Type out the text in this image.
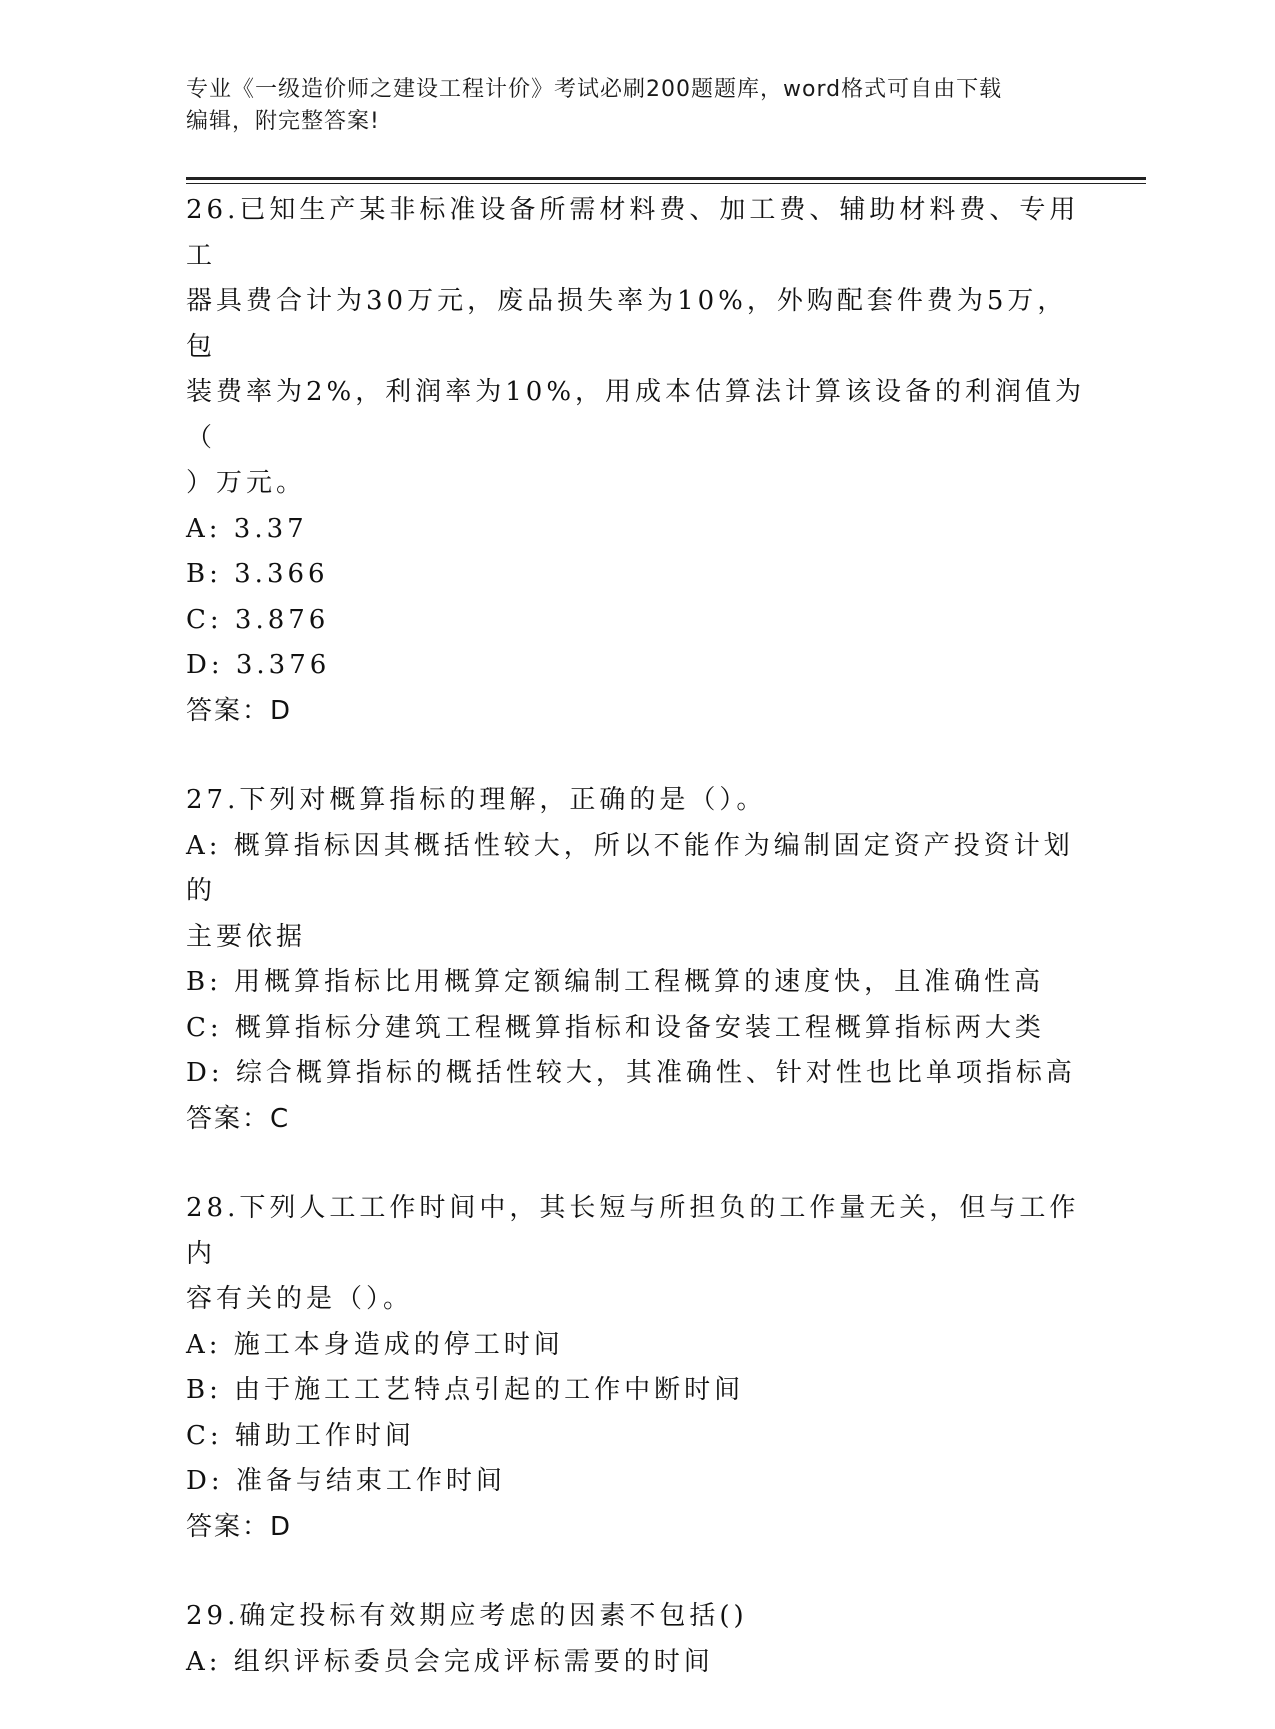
专业《一级造价师之建设工程计价》考试必刷200题题库，word格式可自由下载
编辑，附完整答案!
26.已知生产某非标准设备所需材料费、加工费、辅助材料费、专用工
器具费合计为30万元，废品损失率为10%，外购配套件费为5万，包
装费率为2%，利润率为10%，用成本估算法计算该设备的利润值为（
）万元。
A: 3.37
B: 3.366
C: 3.876
D: 3.376
答案：D
27.下列对概算指标的理解，正确的是（）。
A: 概算指标因其概括性较大，所以不能作为编制固定资产投资计划的
主要依据
B: 用概算指标比用概算定额编制工程概算的速度快，且准确性高
C: 概算指标分建筑工程概算指标和设备安装工程概算指标两大类
D: 综合概算指标的概括性较大，其准确性、针对性也比单项指标高
答案：C
28.下列人工工作时间中，其长短与所担负的工作量无关，但与工作内
容有关的是（）。
A: 施工本身造成的停工时间
B: 由于施工工艺特点引起的工作中断时间
C: 辅助工作时间
D: 准备与结束工作时间
答案：D
29.确定投标有效期应考虑的因素不包括()
A: 组织评标委员会完成评标需要的时间
